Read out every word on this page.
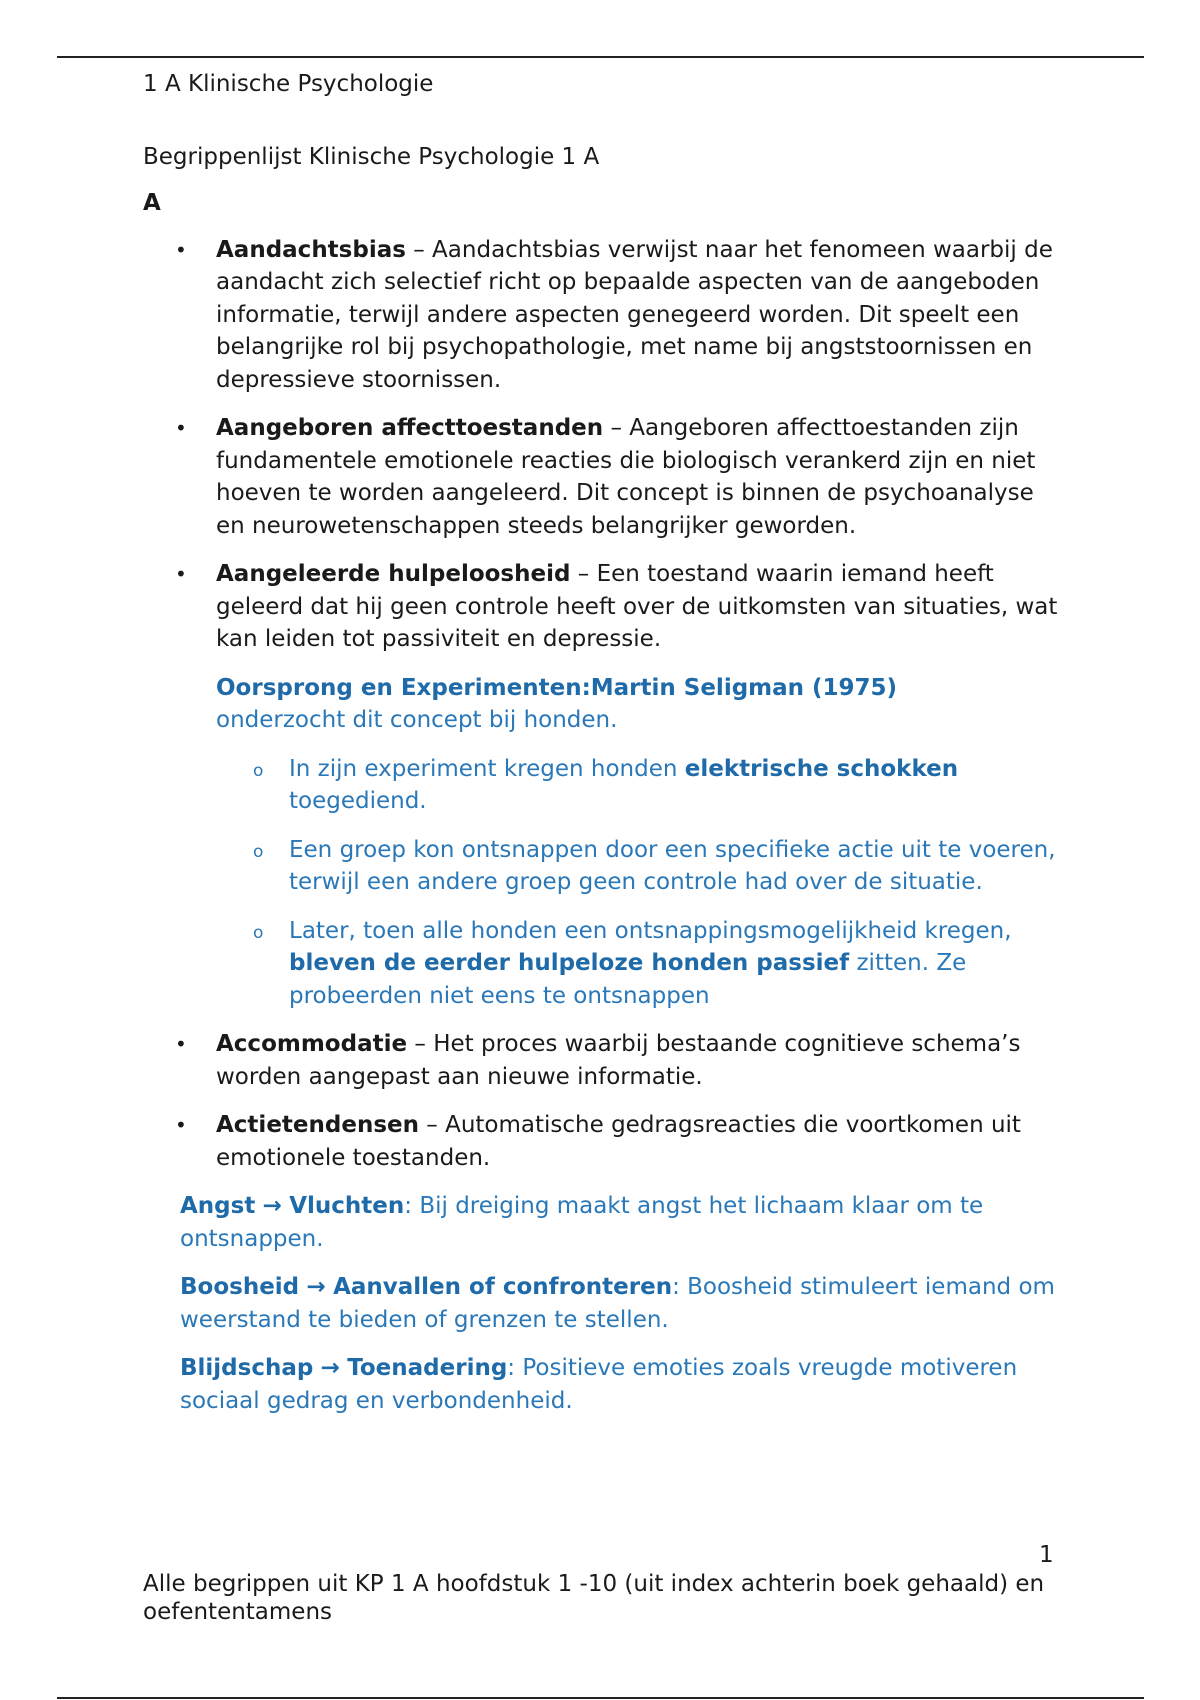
1 A Klinische Psychologie

Begrippenlijst Klinische Psychologie 1 A

A

• Aandachtsbias – Aandachtsbias verwijst naar het fenomeen waarbij de aandacht zich selectief richt op bepaalde aspecten van de aangeboden informatie, terwijl andere aspecten genegeerd worden. Dit speelt een belangrijke rol bij psychopathologie, met name bij angststoornissen en depressieve stoornissen.
• Aangeboren affecttoestanden – Aangeboren affecttoestanden zijn fundamentele emotionele reacties die biologisch verankerd zijn en niet hoeven te worden aangeleerd. Dit concept is binnen de psychoanalyse en neurowetenschappen steeds belangrijker geworden.
• Aangeleerde hulpeloosheid – Een toestand waarin iemand heeft geleerd dat hij geen controle heeft over de uitkomsten van situaties, wat kan leiden tot passiviteit en depressie.
Oorsprong en Experimenten:Martin Seligman (1975)
onderzocht dit concept bij honden.
o In zijn experiment kregen honden elektrische schokken toegediend.
o Een groep kon ontsnappen door een specifieke actie uit te voeren, terwijl een andere groep geen controle had over de situatie.
o Later, toen alle honden een ontsnappingsmogelijkheid kregen, bleven de eerder hulpeloze honden passief zitten. Ze probeerden niet eens te ontsnappen
• Accommodatie – Het proces waarbij bestaande cognitieve schema’s worden aangepast aan nieuwe informatie.
• Actietendensen – Automatische gedragsreacties die voortkomen uit emotionele toestanden.

Angst → Vluchten: Bij dreiging maakt angst het lichaam klaar om te ontsnappen.

Boosheid → Aanvallen of confronteren: Boosheid stimuleert iemand om weerstand te bieden of grenzen te stellen.

Blijdschap → Toenadering: Positieve emoties zoals vreugde motiveren sociaal gedrag en verbondenheid.

1
Alle begrippen uit KP 1 A hoofdstuk 1 -10 (uit index achterin boek gehaald) en oefententamens
